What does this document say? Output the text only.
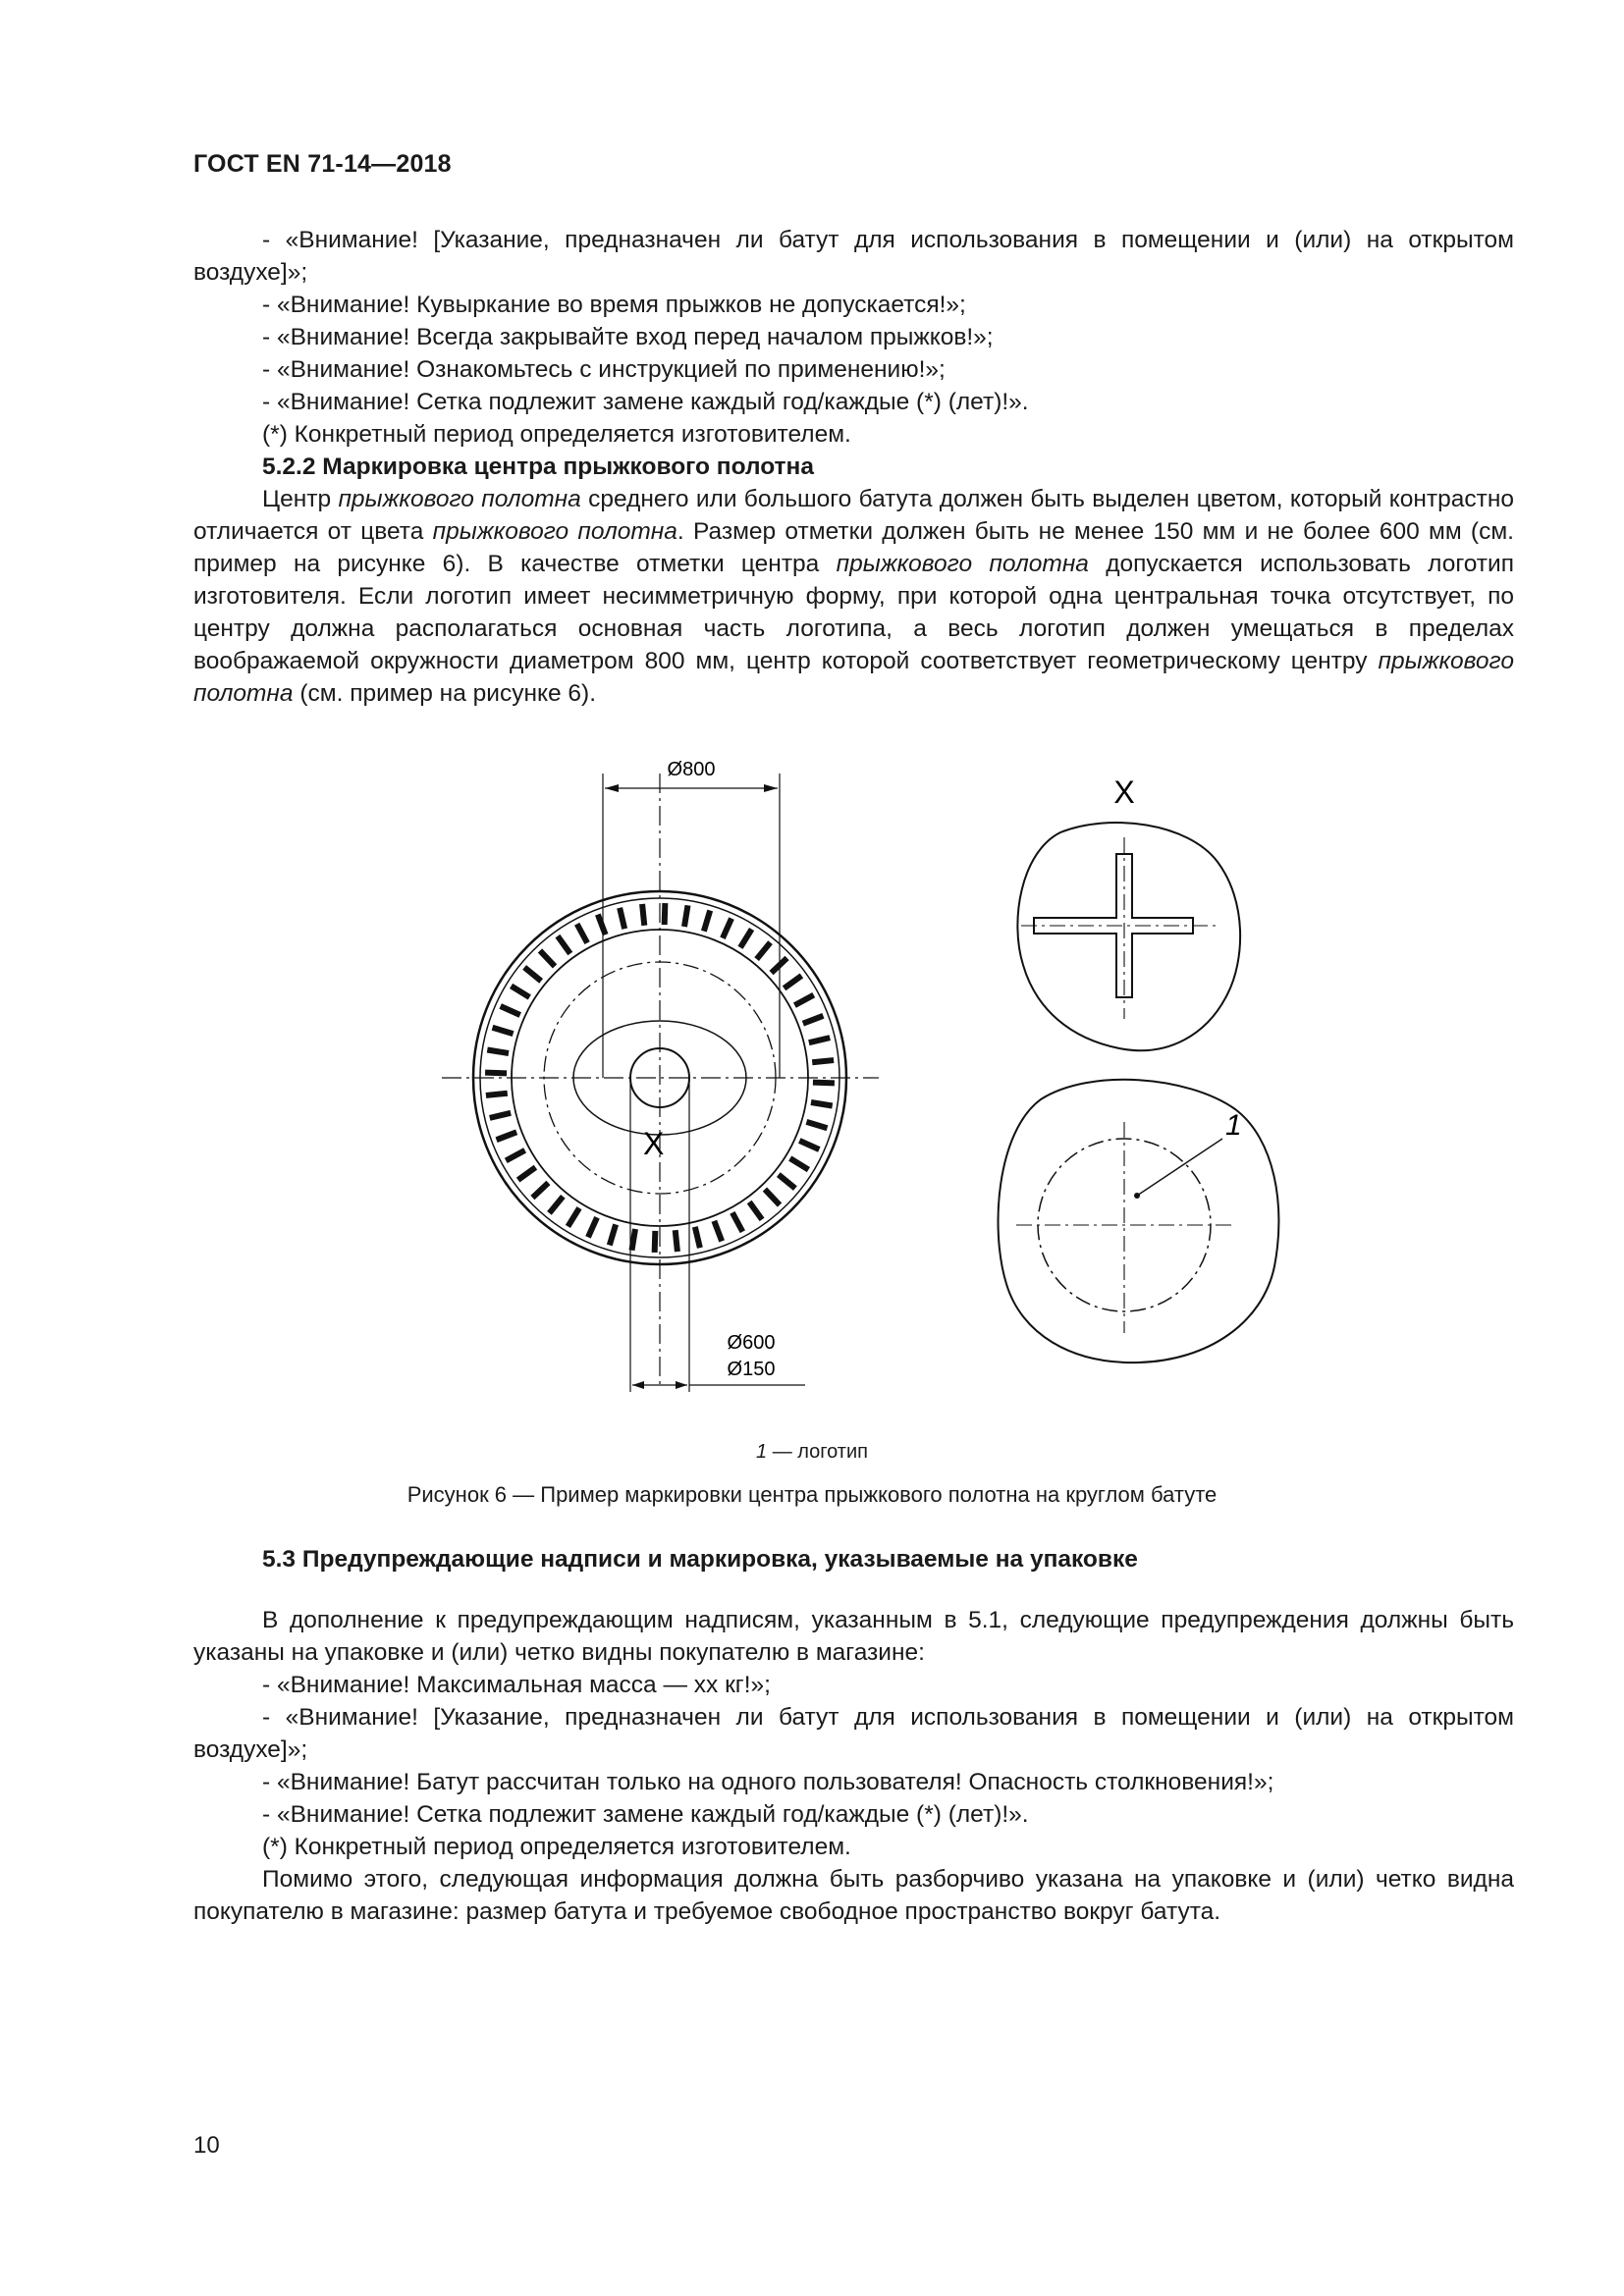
ГОСТ EN 71-14—2018

- «Внимание! [Указание, предназначен ли батут для использования в помещении и (или) на открытом воздухе]»;

- «Внимание! Кувыркание во время прыжков не допускается!»;

- «Внимание! Всегда закрывайте вход перед началом прыжков!»;

- «Внимание! Ознакомьтесь с инструкцией по применению!»;

- «Внимание! Сетка подлежит замене каждый год/каждые (*) (лет)!».

(*) Конкретный период определяется изготовителем.

5.2.2 Маркировка центра прыжкового полотна

Центр прыжкового полотна среднего или большого батута должен быть выделен цветом, который контрастно отличается от цвета прыжкового полотна. Размер отметки должен быть не менее 150 мм и не более 600 мм (см. пример на рисунке 6). В качестве отметки центра прыжкового полотна допускается использовать логотип изготовителя. Если логотип имеет несимметричную форму, при которой одна центральная точка отсутствует, по центру должна располагаться основная часть логотипа, а весь логотип должен умещаться в пределах воображаемой окружности диаметром 800 мм, центр которой соответствует геометрическому центру прыжкового полотна (см. пример на рисунке 6).

Ø800
Ø600
Ø150
X
X
1
1 — логотип
Рисунок 6 — Пример маркировки центра прыжкового полотна на круглом батуте
5.3 Предупреждающие надписи и маркировка, указываемые на упаковке

В дополнение к предупреждающим надписям, указанным в 5.1, следующие предупреждения должны быть указаны на упаковке и (или) четко видны покупателю в магазине:

- «Внимание! Максимальная масса — хх кг!»;

- «Внимание! [Указание, предназначен ли батут для использования в помещении и (или) на открытом воздухе]»;

- «Внимание! Батут рассчитан только на одного пользователя! Опасность столкновения!»;

- «Внимание! Сетка подлежит замене каждый год/каждые (*) (лет)!».

(*) Конкретный период определяется изготовителем.

Помимо этого, следующая информация должна быть разборчиво указана на упаковке и (или) четко видна покупателю в магазине: размер батута и требуемое свободное пространство вокруг батута.

10
